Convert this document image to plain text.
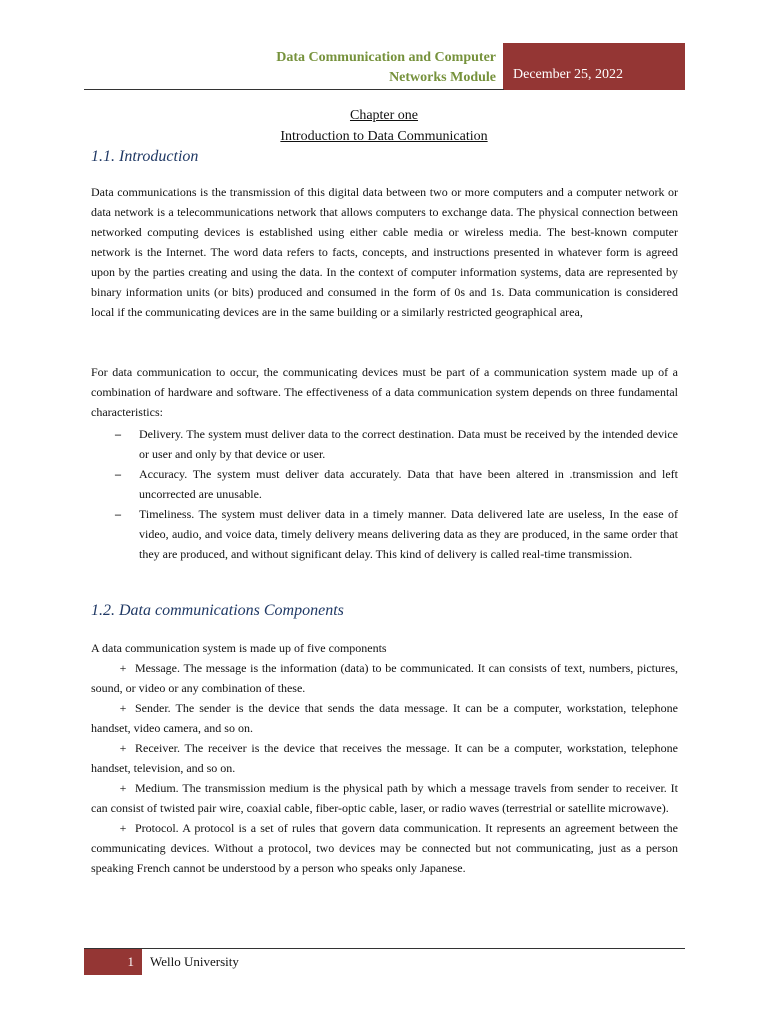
Data Communication and Computer
Networks Module	December 25, 2022
Chapter one
Introduction to Data Communication
1.1. Introduction
Data communications is the transmission of this digital data between two or more computers and a computer network or data network is a telecommunications network that allows computers to exchange data. The physical connection between networked computing devices is established using either cable media or wireless media. The best-known computer network is the Internet. The word data refers to facts, concepts, and instructions presented in whatever form is agreed upon by the parties creating and using the data. In the context of computer information systems, data are represented by binary information units (or bits) produced and consumed in the form of 0s and 1s. Data communication is considered local if the communicating devices are in the same building or a similarly restricted geographical area,
For data communication to occur, the communicating devices must be part of a communication system made up of a combination of hardware and software. The effectiveness of a data communication system depends on three fundamental characteristics:
– Delivery. The system must deliver data to the correct destination. Data must be received by the intended device or user and only by that device or user.
– Accuracy. The system must deliver data accurately. Data that have been altered in .transmission and left uncorrected are unusable.
– Timeliness. The system must deliver data in a timely manner. Data delivered late are useless, In the ease of video, audio, and voice data, timely delivery means delivering data as they are produced, in the same order that they are produced, and without significant delay. This kind of delivery is called real-time transmission.
1.2. Data communications Components
A data communication system is made up of five components
+ Message. The message is the information (data) to be communicated. It can consists of text, numbers, pictures, sound, or video or any combination of these.
+ Sender. The sender is the device that sends the data message. It can be a computer, workstation, telephone handset, video camera, and so on.
+ Receiver. The receiver is the device that receives the message. It can be a computer, workstation, telephone handset, television, and so on.
+ Medium. The transmission medium is the physical path by which a message travels from sender to receiver. It can consist of twisted pair wire, coaxial cable, fiber-optic cable, laser, or radio waves (terrestrial or satellite microwave).
+ Protocol. A protocol is a set of rules that govern data communication. It represents an agreement between the communicating devices. Without a protocol, two devices may be connected but not communicating, just as a person speaking French cannot be understood by a person who speaks only Japanese.
1	Wello University
